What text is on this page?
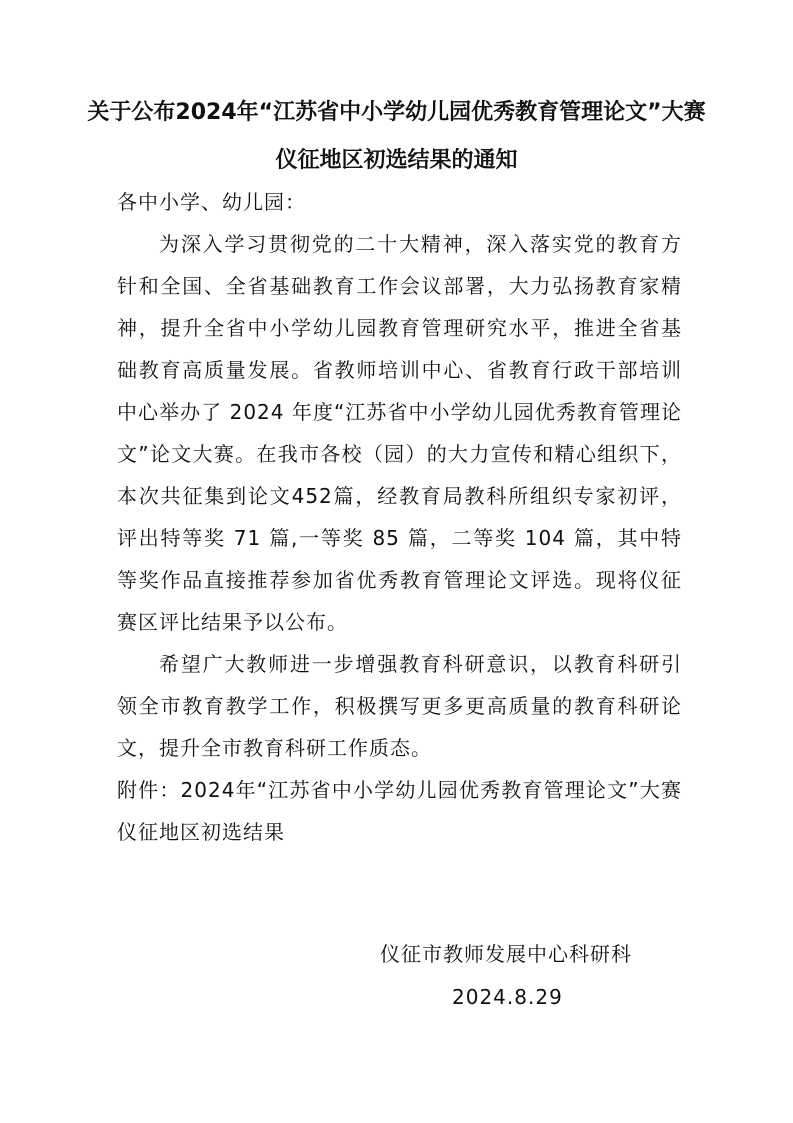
关于公布2024年“江苏省中小学幼儿园优秀教育管理论文”大赛
仪征地区初选结果的通知
各中小学、幼儿园：
为深入学习贯彻党的二十大精神，深入落实党的教育方针和全国、全省基础教育工作会议部署，大力弘扬教育家精神，提升全省中小学幼儿园教育管理研究水平，推进全省基础教育高质量发展。省教师培训中心、省教育行政干部培训中心举办了 2024 年度“江苏省中小学幼儿园优秀教育管理论文”论文大赛。在我市各校（园）的大力宣传和精心组织下，本次共征集到论文452篇，经教育局教科所组织专家初评，评出特等奖 71 篇,一等奖 85 篇，二等奖 104 篇，其中特等奖作品直接推荐参加省优秀教育管理论文评选。现将仪征赛区评比结果予以公布。
希望广大教师进一步增强教育科研意识，以教育科研引领全市教育教学工作，积极撰写更多更高质量的教育科研论文，提升全市教育科研工作质态。
附件：2024年“江苏省中小学幼儿园优秀教育管理论文”大赛仪征地区初选结果
仪征市教师发展中心科研科
2024.8.29
